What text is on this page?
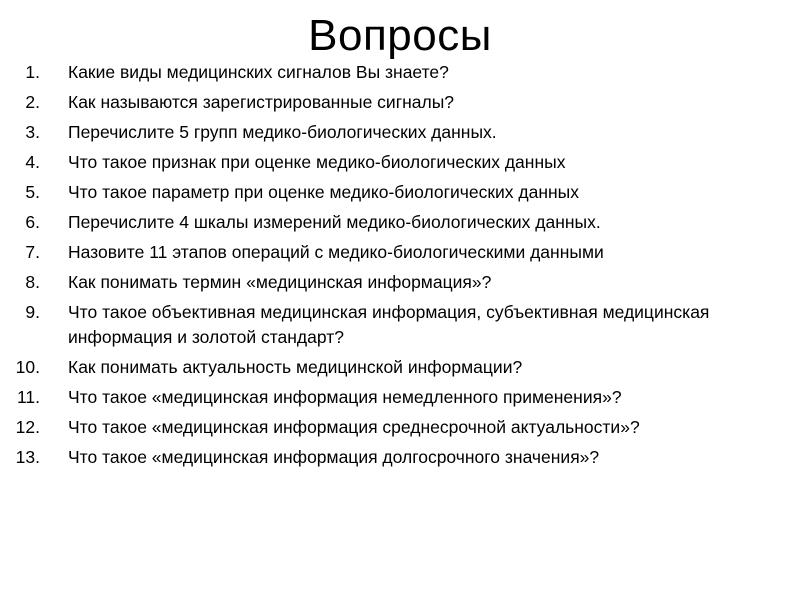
Вопросы
1. Какие виды медицинских сигналов Вы знаете?
2. Как называются зарегистрированные сигналы?
3. Перечислите 5 групп медико-биологических данных.
4. Что такое признак при оценке медико-биологических данных
5. Что такое параметр при оценке медико-биологических данных
6. Перечислите 4 шкалы измерений медико-биологических данных.
7. Назовите 11 этапов операций с медико-биологическими данными
8. Как понимать термин «медицинская информация»?
9. Что такое объективная медицинская информация, субъективная медицинская информация и золотой стандарт?
10. Как понимать актуальность медицинской информации?
11. Что такое «медицинская информация немедленного применения»?
12. Что такое «медицинская информация среднесрочной актуальности»?
13. Что такое «медицинская информация долгосрочного значения»?
